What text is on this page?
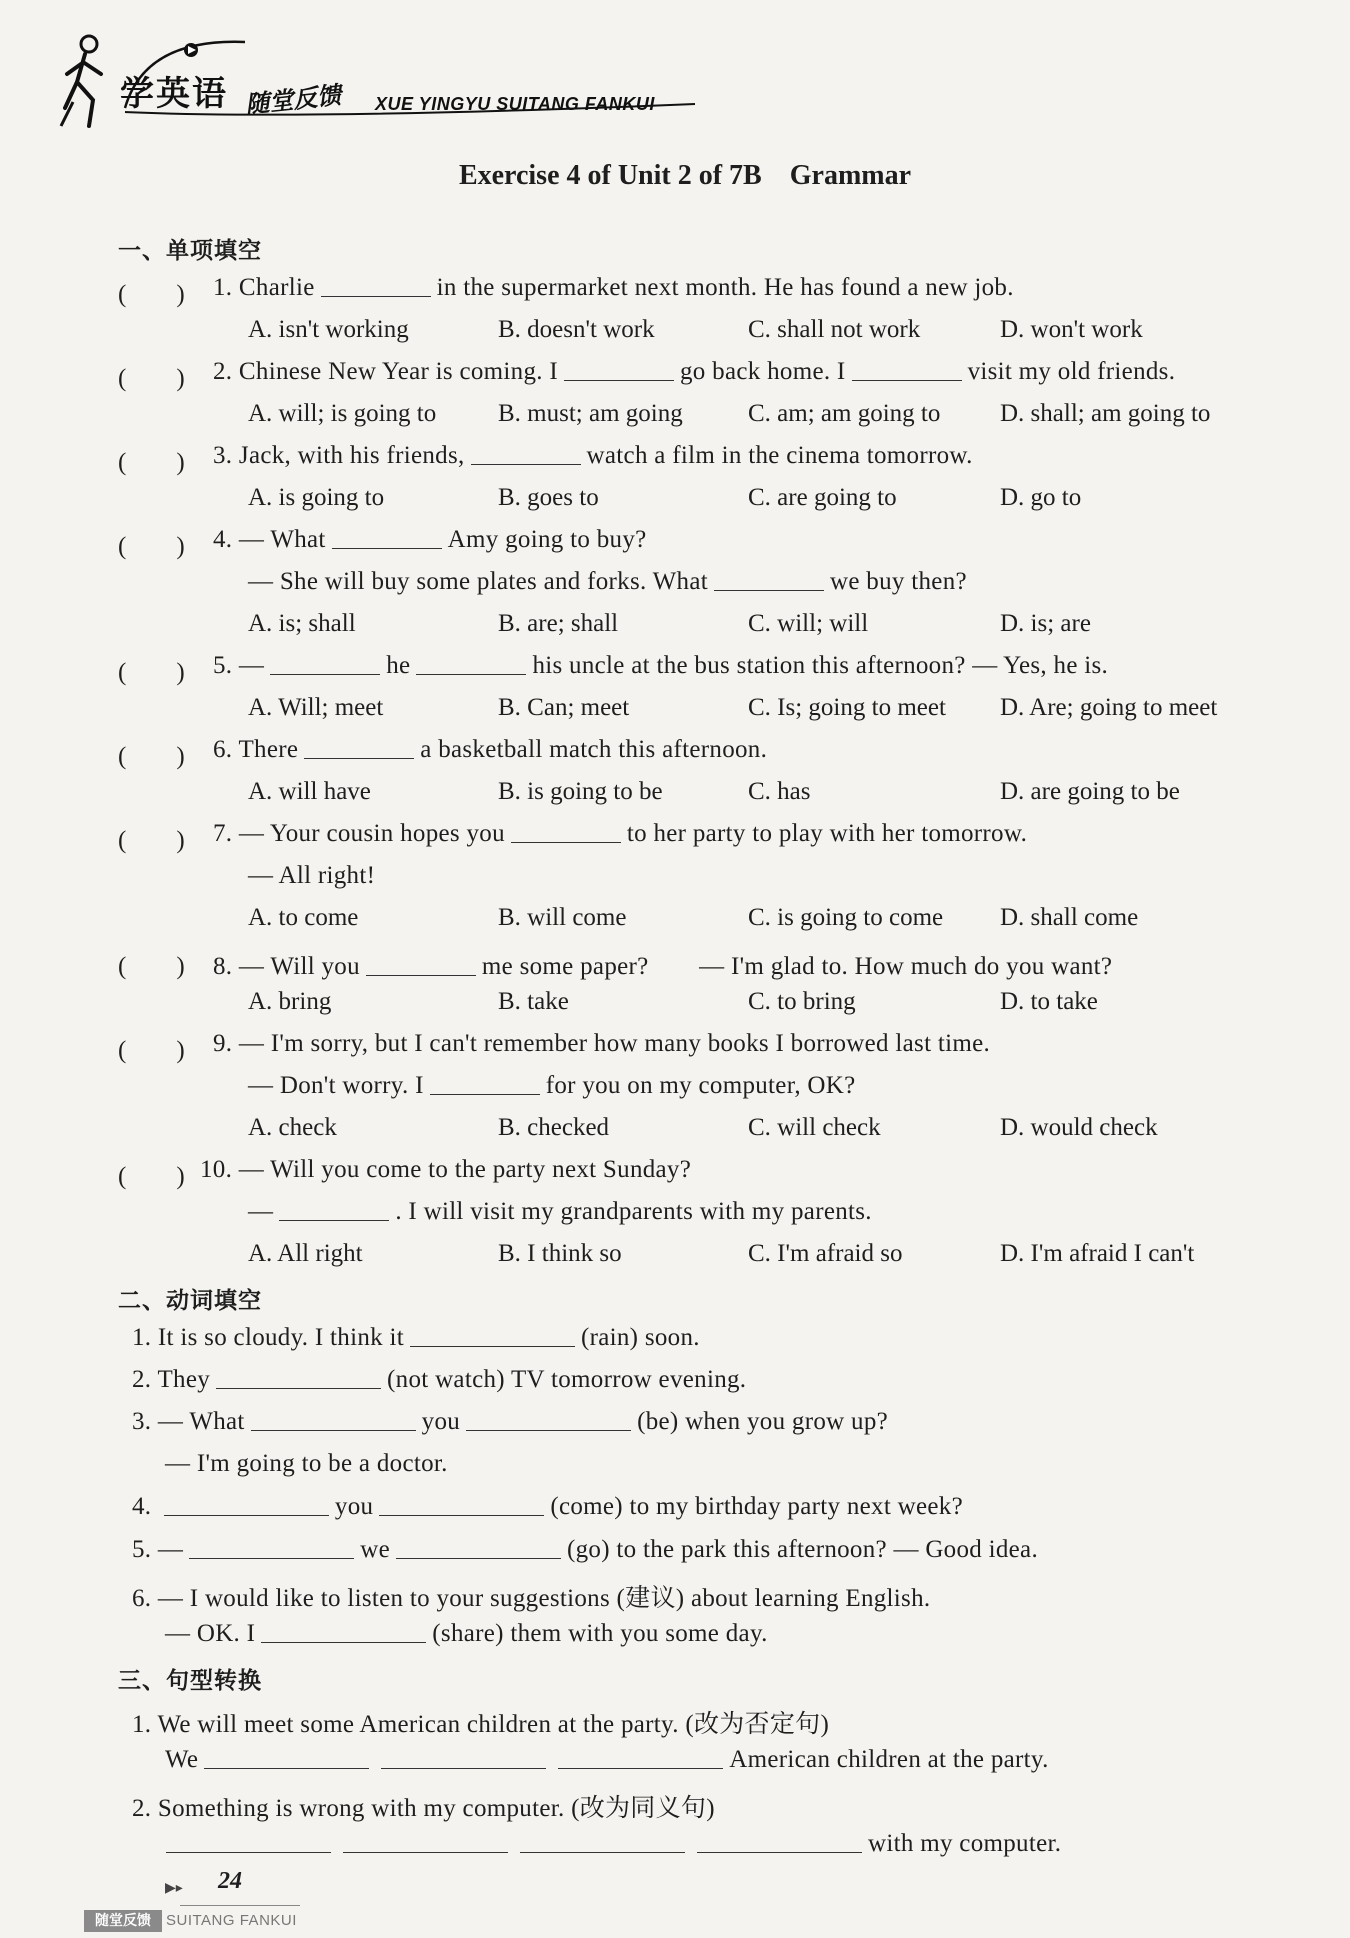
学英语 随堂反馈 XUE YINGYU SUITANG FANKUI
Exercise 4 of Unit 2 of 7B Grammar
一、单项填空
(　　) 1. Charlie	in the supermarket next month. He has found a new job.
A. isn't working	B. doesn't work	C. shall not work	D. won't work
(　　) 2. Chinese New Year is coming. I	go back home. I	visit my old friends.
A. will; is going to B. must; am going	C. am; am going to D. shall; am going to
(　　) 3. Jack, with his friends,	watch a film in the cinema tomorrow.
A. is going to	B. goes to	C. are going to	D. go to
(　　) 4. — What	Amy going to buy?
— She will buy some plates and forks. What	we buy then?
A. is; shall	B. are; shall	C. will; will	D. is; are
(　　) 5. —	he	his uncle at the bus station this afternoon? — Yes, he is.
A. Will; meet	B. Can; meet	C. Is; going to meet D. Are; going to meet
(　　) 6. There	a basketball match this afternoon.
A. will have	B. is going to be	C. has	D. are going to be
(　　) 7. — Your cousin hopes you	to her party to play with her tomorrow.
— All right!
A. to come	B. will come	C. is going to come D. shall come
(　　) 8. — Will you	me some paper?　　— I'm glad to. How much do you want?
A. bring	B. take	C. to bring	D. to take
(　　) 9. — I'm sorry, but I can't remember how many books I borrowed last time.
— Don't worry. I	for you on my computer, OK?
A. check	B. checked	C. will check	D. would check
(　　) 10. — Will you come to the party next Sunday?
—	. I will visit my grandparents with my parents.
A. All right	B. I think so	C. I'm afraid so	D. I'm afraid I can't
二、动词填空
1. It is so cloudy. I think it	(rain) soon.
2. They	(not watch) TV tomorrow evening.
3. — What	you	(be) when you grow up?
— I'm going to be a doctor.
4.	you	(come) to my birthday party next week?
5. —	we	(go) to the park this afternoon? — Good idea.
6. — I would like to listen to your suggestions (建议) about learning English.
— OK. I	(share) them with you some day.
三、句型转换
1. We will meet some American children at the party. (改为否定句)
We	American children at the party.
2. Something is wrong with my computer. (改为同义句)
with my computer.
▶▸ 24
随堂反馈	SUITANG FANKUI
